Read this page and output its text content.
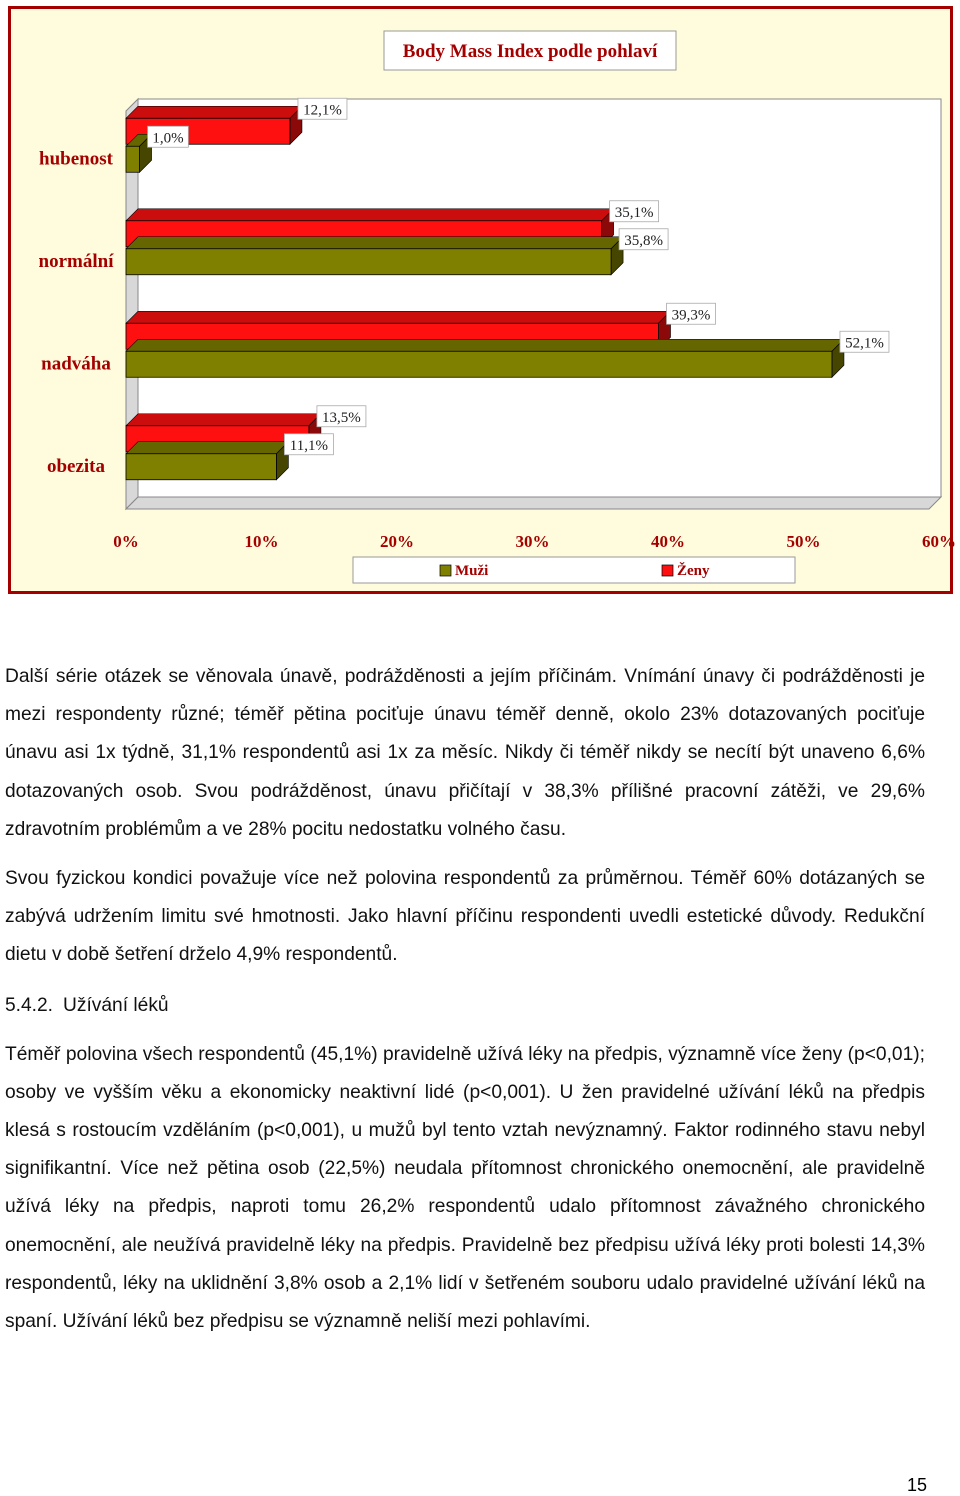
Body Mass Index podle pohlaví
hubenost
12,1%
1,0%
normální
35,1%
35,8%
nadváha
39,3%
52,1%
obezita
13,5%
11,1%
0%	10%	20%	30%	40%	50%	60%
Muži	Ženy

Další série otázek se věnovala únavě, podrážděnosti a jejím příčinám. Vnímání únavy či podrážděnosti je mezi respondenty různé; téměř pětina pociťuje únavu téměř denně, okolo 23% dotazovaných pociťuje únavu asi 1x týdně, 31,1% respondentů asi 1x za měsíc. Nikdy či téměř nikdy se necítí být unaveno 6,6% dotazovaných osob. Svou podrážděnost, únavu přičítají v 38,3% přílišné pracovní zátěži, ve 29,6% zdravotním problémům a ve 28% pocitu nedostatku volného času.

Svou fyzickou kondici považuje více než polovina respondentů za průměrnou. Téměř 60% dotázaných se zabývá udržením limitu své hmotnosti. Jako hlavní příčinu respondenti uvedli estetické důvody. Redukční dietu v době šetření drželo 4,9% respondentů.

5.4.2. Užívání léků

Téměř polovina všech respondentů (45,1%) pravidelně užívá léky na předpis, významně více ženy (p<0,01); osoby ve vyšším věku a ekonomicky neaktivní lidé (p<0,001). U žen pravidelné užívání léků na předpis klesá s rostoucím vzděláním (p<0,001), u mužů byl tento vztah nevýznamný. Faktor rodinného stavu nebyl signifikantní. Více než pětina osob (22,5%) neudala přítomnost chronického onemocnění, ale pravidelně užívá léky na předpis, naproti tomu 26,2% respondentů udalo přítomnost závažného chronického onemocnění, ale neužívá pravidelně léky na předpis. Pravidelně bez předpisu užívá léky proti bolesti 14,3% respondentů, léky na uklidnění 3,8% osob a 2,1% lidí v šetřeném souboru udalo pravidelné užívání léků na spaní. Užívání léků bez předpisu se významně neliší mezi pohlavími.

15
